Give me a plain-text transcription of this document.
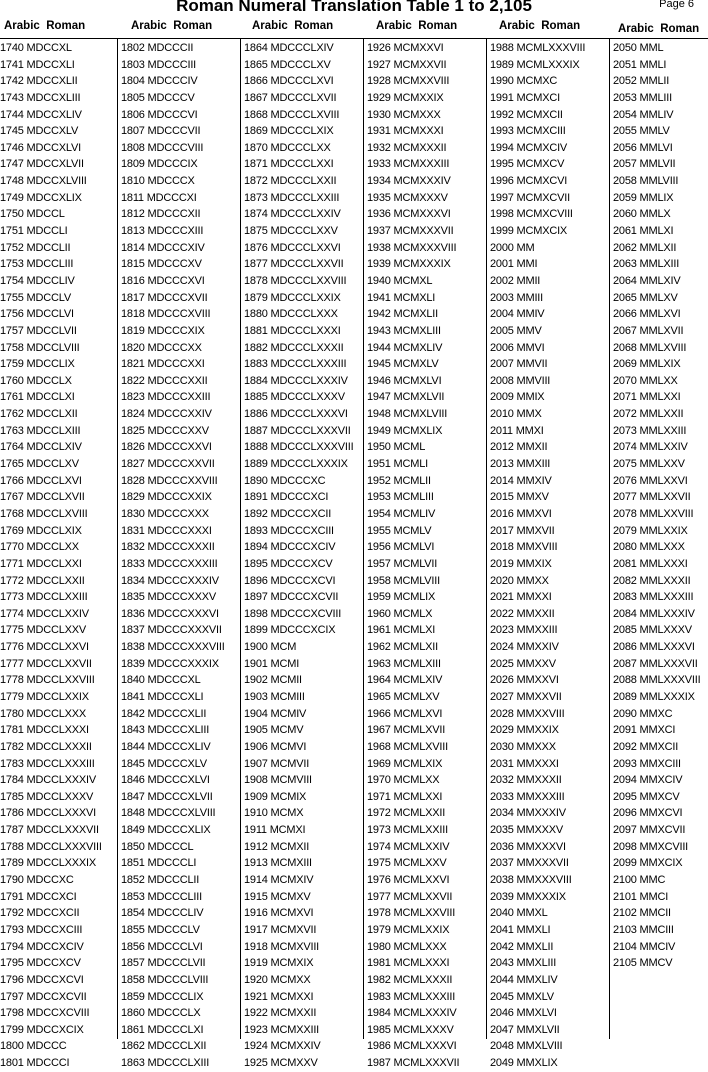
Roman Numeral Translation Table 1 to 2,105	Page 6
Arabic Roman	Arabic Roman	Arabic Roman	Arabic Roman	Arabic Roman	Arabic Roman
1740 MDCCXL
1741 MDCCXLI
1742 MDCCXLII
1743 MDCCXLIII
1744 MDCCXLIV
1745 MDCCXLV
1746 MDCCXLVI
1747 MDCCXLVII
1748 MDCCXLVIII
1749 MDCCXLIX
1750 MDCCL
1751 MDCCLI
1752 MDCCLII
1753 MDCCLIII
1754 MDCCLIV
1755 MDCCLV
1756 MDCCLVI
1757 MDCCLVII
1758 MDCCLVIII
1759 MDCCLIX
1760 MDCCLX
1761 MDCCLXI
1762 MDCCLXII
1763 MDCCLXIII
1764 MDCCLXIV
1765 MDCCLXV
1766 MDCCLXVI
1767 MDCCLXVII
1768 MDCCLXVIII
1769 MDCCLXIX
1770 MDCCLXX
1771 MDCCLXXI
1772 MDCCLXXII
1773 MDCCLXXIII
1774 MDCCLXXIV
1775 MDCCLXXV
1776 MDCCLXXVI
1777 MDCCLXXVII
1778 MDCCLXXVIII
1779 MDCCLXXIX
1780 MDCCLXXX
1781 MDCCLXXXI
1782 MDCCLXXXII
1783 MDCCLXXXIII
1784 MDCCLXXXIV
1785 MDCCLXXXV
1786 MDCCLXXXVI
1787 MDCCLXXXVII
1788 MDCCLXXXVIII
1789 MDCCLXXXIX
1790 MDCCXC
1791 MDCCXCI
1792 MDCCXCII
1793 MDCCXCIII
1794 MDCCXCIV
1795 MDCCXCV
1796 MDCCXCVI
1797 MDCCXCVII
1798 MDCCXCVIII
1799 MDCCXCIX
1800 MDCCC
1801 MDCCCI
1802 MDCCCII
1803 MDCCCIII
1804 MDCCCIV
1805 MDCCCV
1806 MDCCCVI
1807 MDCCCVII
1808 MDCCCVIII
1809 MDCCCIX
1810 MDCCCX
1811 MDCCCXI
1812 MDCCCXII
1813 MDCCCXIII
1814 MDCCCXIV
1815 MDCCCXV
1816 MDCCCXVI
1817 MDCCCXVII
1818 MDCCCXVIII
1819 MDCCCXIX
1820 MDCCCXX
1821 MDCCCXXI
1822 MDCCCXXII
1823 MDCCCXXIII
1824 MDCCCXXIV
1825 MDCCCXXV
1826 MDCCCXXVI
1827 MDCCCXXVII
1828 MDCCCXXVIII
1829 MDCCCXXIX
1830 MDCCCXXX
1831 MDCCCXXXI
1832 MDCCCXXXII
1833 MDCCCXXXIII
1834 MDCCCXXXIV
1835 MDCCCXXXV
1836 MDCCCXXXVI
1837 MDCCCXXXVII
1838 MDCCCXXXVIII
1839 MDCCCXXXIX
1840 MDCCCXL
1841 MDCCCXLI
1842 MDCCCXLII
1843 MDCCCXLIII
1844 MDCCCXLIV
1845 MDCCCXLV
1846 MDCCCXLVI
1847 MDCCCXLVII
1848 MDCCCXLVIII
1849 MDCCCXLIX
1850 MDCCCL
1851 MDCCCLI
1852 MDCCCLII
1853 MDCCCLIII
1854 MDCCCLIV
1855 MDCCCLV
1856 MDCCCLVI
1857 MDCCCLVII
1858 MDCCCLVIII
1859 MDCCCLIX
1860 MDCCCLX
1861 MDCCCLXI
1862 MDCCCLXII
1863 MDCCCLXIII
1864 MDCCCLXIV
1865 MDCCCLXV
1866 MDCCCLXVI
1867 MDCCCLXVII
1868 MDCCCLXVIII
1869 MDCCCLXIX
1870 MDCCCLXX
1871 MDCCCLXXI
1872 MDCCCLXXII
1873 MDCCCLXXIII
1874 MDCCCLXXIV
1875 MDCCCLXXV
1876 MDCCCLXXVI
1877 MDCCCLXXVII
1878 MDCCCLXXVIII
1879 MDCCCLXXIX
1880 MDCCCLXXX
1881 MDCCCLXXXI
1882 MDCCCLXXXII
1883 MDCCCLXXXIII
1884 MDCCCLXXXIV
1885 MDCCCLXXXV
1886 MDCCCLXXXVI
1887 MDCCCLXXXVII
1888 MDCCCLXXXVIII
1889 MDCCCLXXXIX
1890 MDCCCXC
1891 MDCCCXCI
1892 MDCCCXCII
1893 MDCCCXCIII
1894 MDCCCXCIV
1895 MDCCCXCV
1896 MDCCCXCVI
1897 MDCCCXCVII
1898 MDCCCXCVIII
1899 MDCCCXCIX
1900 MCM
1901 MCMI
1902 MCMII
1903 MCMIII
1904 MCMIV
1905 MCMV
1906 MCMVI
1907 MCMVII
1908 MCMVIII
1909 MCMIX
1910 MCMX
1911 MCMXI
1912 MCMXII
1913 MCMXIII
1914 MCMXIV
1915 MCMXV
1916 MCMXVI
1917 MCMXVII
1918 MCMXVIII
1919 MCMXIX
1920 MCMXX
1921 MCMXXI
1922 MCMXXII
1923 MCMXXIII
1924 MCMXXIV
1925 MCMXXV
1926 MCMXXVI
1927 MCMXXVII
1928 MCMXXVIII
1929 MCMXXIX
1930 MCMXXX
1931 MCMXXXI
1932 MCMXXXII
1933 MCMXXXIII
1934 MCMXXXIV
1935 MCMXXXV
1936 MCMXXXVI
1937 MCMXXXVII
1938 MCMXXXVIII
1939 MCMXXXIX
1940 MCMXL
1941 MCMXLI
1942 MCMXLII
1943 MCMXLIII
1944 MCMXLIV
1945 MCMXLV
1946 MCMXLVI
1947 MCMXLVII
1948 MCMXLVIII
1949 MCMXLIX
1950 MCML
1951 MCMLI
1952 MCMLII
1953 MCMLIII
1954 MCMLIV
1955 MCMLV
1956 MCMLVI
1957 MCMLVII
1958 MCMLVIII
1959 MCMLIX
1960 MCMLX
1961 MCMLXI
1962 MCMLXII
1963 MCMLXIII
1964 MCMLXIV
1965 MCMLXV
1966 MCMLXVI
1967 MCMLXVII
1968 MCMLXVIII
1969 MCMLXIX
1970 MCMLXX
1971 MCMLXXI
1972 MCMLXXII
1973 MCMLXXIII
1974 MCMLXXIV
1975 MCMLXXV
1976 MCMLXXVI
1977 MCMLXXVII
1978 MCMLXXVIII
1979 MCMLXXIX
1980 MCMLXXX
1981 MCMLXXXI
1982 MCMLXXXII
1983 MCMLXXXIII
1984 MCMLXXXIV
1985 MCMLXXXV
1986 MCMLXXXVI
1987 MCMLXXXVII
1988 MCMLXXXVIII
1989 MCMLXXXIX
1990 MCMXC
1991 MCMXCI
1992 MCMXCII
1993 MCMXCIII
1994 MCMXCIV
1995 MCMXCV
1996 MCMXCVI
1997 MCMXCVII
1998 MCMXCVIII
1999 MCMXCIX
2000 MM
2001 MMI
2002 MMII
2003 MMIII
2004 MMIV
2005 MMV
2006 MMVI
2007 MMVII
2008 MMVIII
2009 MMIX
2010 MMX
2011 MMXI
2012 MMXII
2013 MMXIII
2014 MMXIV
2015 MMXV
2016 MMXVI
2017 MMXVII
2018 MMXVIII
2019 MMXIX
2020 MMXX
2021 MMXXI
2022 MMXXII
2023 MMXXIII
2024 MMXXIV
2025 MMXXV
2026 MMXXVI
2027 MMXXVII
2028 MMXXVIII
2029 MMXXIX
2030 MMXXX
2031 MMXXXI
2032 MMXXXII
2033 MMXXXIII
2034 MMXXXIV
2035 MMXXXV
2036 MMXXXVI
2037 MMXXXVII
2038 MMXXXVIII
2039 MMXXXIX
2040 MMXL
2041 MMXLI
2042 MMXLII
2043 MMXLIII
2044 MMXLIV
2045 MMXLV
2046 MMXLVI
2047 MMXLVII
2048 MMXLVIII
2049 MMXLIX
2050 MML
2051 MMLI
2052 MMLII
2053 MMLIII
2054 MMLIV
2055 MMLV
2056 MMLVI
2057 MMLVII
2058 MMLVIII
2059 MMLIX
2060 MMLX
2061 MMLXI
2062 MMLXII
2063 MMLXIII
2064 MMLXIV
2065 MMLXV
2066 MMLXVI
2067 MMLXVII
2068 MMLXVIII
2069 MMLXIX
2070 MMLXX
2071 MMLXXI
2072 MMLXXII
2073 MMLXXIII
2074 MMLXXIV
2075 MMLXXV
2076 MMLXXVI
2077 MMLXXVII
2078 MMLXXVIII
2079 MMLXXIX
2080 MMLXXX
2081 MMLXXXI
2082 MMLXXXII
2083 MMLXXXIII
2084 MMLXXXIV
2085 MMLXXXV
2086 MMLXXXVI
2087 MMLXXXVII
2088 MMLXXXVIII
2089 MMLXXXIX
2090 MMXC
2091 MMXCI
2092 MMXCII
2093 MMXCIII
2094 MMXCIV
2095 MMXCV
2096 MMXCVI
2097 MMXCVII
2098 MMXCVIII
2099 MMXCIX
2100 MMC
2101 MMCI
2102 MMCII
2103 MMCIII
2104 MMCIV
2105 MMCV
